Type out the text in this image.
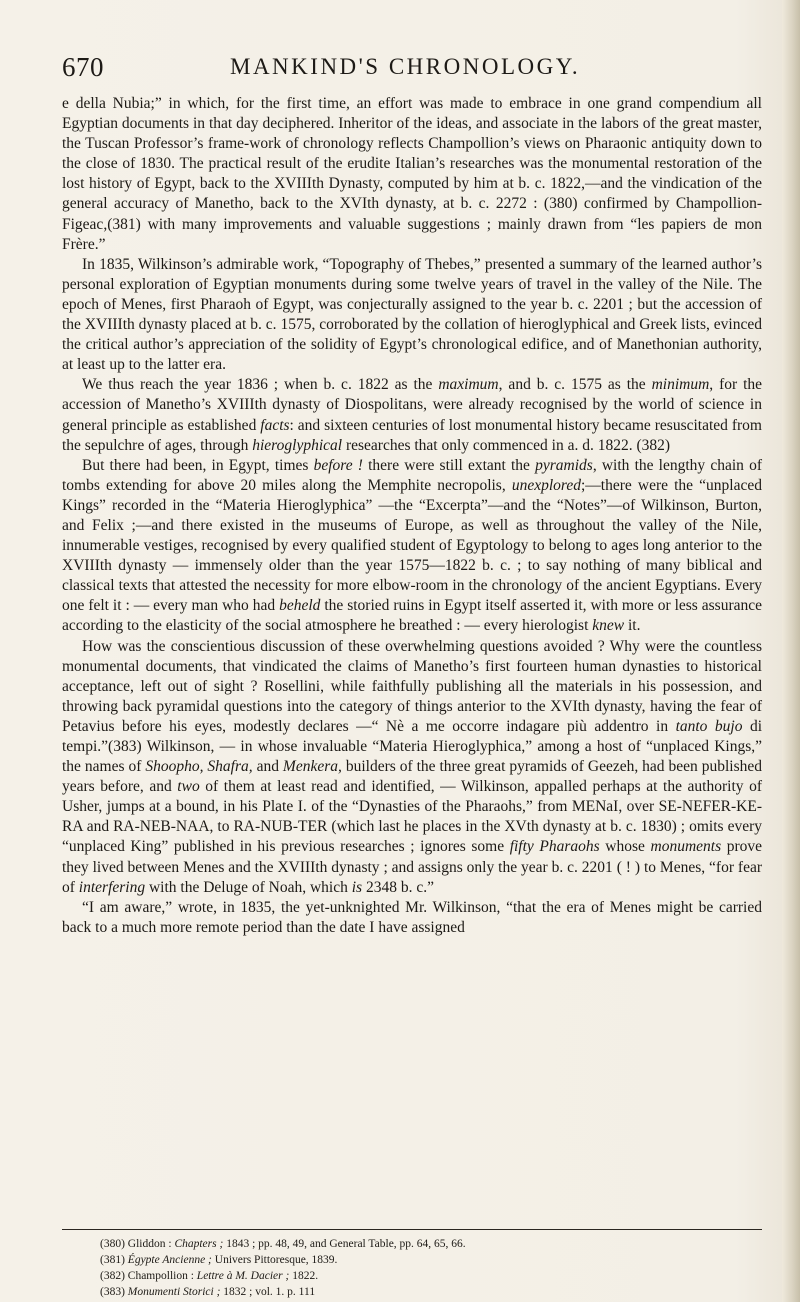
670	MANKIND'S CHRONOLOGY.

e della Nubia;” in which, for the first time, an effort was made to embrace in one grand compendium all Egyptian documents in that day deciphered. Inheritor of the ideas, and associate in the labors of the great master, the Tuscan Professor’s frame-work of chronology reflects Champollion’s views on Pharaonic antiquity down to the close of 1830. The practical result of the erudite Italian’s researches was the monumental restoration of the lost history of Egypt, back to the XVIIIth Dynasty, computed by him at b. c. 1822,—and the vindication of the general accuracy of Manetho, back to the XVIth dynasty, at b. c. 2272 : (380) confirmed by Champollion-Figeac,(381) with many improvements and valuable suggestions ; mainly drawn from “les papiers de mon Frère.”

In 1835, Wilkinson’s admirable work, “Topography of Thebes,” presented a summary of the learned author’s personal exploration of Egyptian monuments during some twelve years of travel in the valley of the Nile. The epoch of Menes, first Pharaoh of Egypt, was conjecturally assigned to the year b. c. 2201 ; but the accession of the XVIIIth dynasty placed at b. c. 1575, corroborated by the collation of hieroglyphical and Greek lists, evinced the critical author’s appreciation of the solidity of Egypt’s chronological edifice, and of Manethonian authority, at least up to the latter era.

We thus reach the year 1836 ; when b. c. 1822 as the maximum, and b. c. 1575 as the minimum, for the accession of Manetho’s XVIIIth dynasty of Diospolitans, were already recognised by the world of science in general principle as established facts: and sixteen centuries of lost monumental history became resuscitated from the sepulchre of ages, through hieroglyphical researches that only commenced in a. d. 1822. (382)

But there had been, in Egypt, times before ! there were still extant the pyramids, with the lengthy chain of tombs extending for above 20 miles along the Memphite necropolis, unexplored;—there were the “unplaced Kings” recorded in the “Materia Hieroglyphica” —the “Excerpta”—and the “Notes”—of Wilkinson, Burton, and Felix ;—and there existed in the museums of Europe, as well as throughout the valley of the Nile, innumerable vestiges, recognised by every qualified student of Egyptology to belong to ages long anterior to the XVIIIth dynasty — immensely older than the year 1575—1822 b. c. ; to say nothing of many biblical and classical texts that attested the necessity for more elbow-room in the chronology of the ancient Egyptians. Every one felt it : — every man who had beheld the storied ruins in Egypt itself asserted it, with more or less assurance according to the elasticity of the social atmosphere he breathed : — every hierologist knew it.

How was the conscientious discussion of these overwhelming questions avoided ? Why were the countless monumental documents, that vindicated the claims of Manetho’s first fourteen human dynasties to historical acceptance, left out of sight ? Rosellini, while faithfully publishing all the materials in his possession, and throwing back pyramidal questions into the category of things anterior to the XVIth dynasty, having the fear of Petavius before his eyes, modestly declares —“ Nè a me occorre indagare più addentro in tanto bujo di tempi.”(383) Wilkinson, — in whose invaluable “Materia Hieroglyphica,” among a host of “unplaced Kings,” the names of Shoopho, Shafra, and Menkera, builders of the three great pyramids of Geezeh, had been published years before, and two of them at least read and identified, — Wilkinson, appalled perhaps at the authority of Usher, jumps at a bound, in his Plate I. of the “Dynasties of the Pharaohs,” from MENaI, over SE-NEFER-KE-RA and RA-NEB-NAA, to RA-NUB-TER (which last he places in the XVth dynasty at b. c. 1830) ; omits every “unplaced King” published in his previous researches ; ignores some fifty Pharaohs whose monuments prove they lived between Menes and the XVIIIth dynasty ; and assigns only the year b. c. 2201 ( ! ) to Menes, “for fear of interfering with the Deluge of Noah, which is 2348 b. c.”

“I am aware,” wrote, in 1835, the yet-unknighted Mr. Wilkinson, “that the era of Menes might be carried back to a much more remote period than the date I have assigned

(380) Gliddon : Chapters ; 1843 ; pp. 48, 49, and General Table, pp. 64, 65, 66.
(381) Égypte Ancienne ; Univers Pittoresque, 1839.
(382) Champollion : Lettre à M. Dacier ; 1822.
(383) Monumenti Storici ; 1832 ; vol. 1. p. 111
